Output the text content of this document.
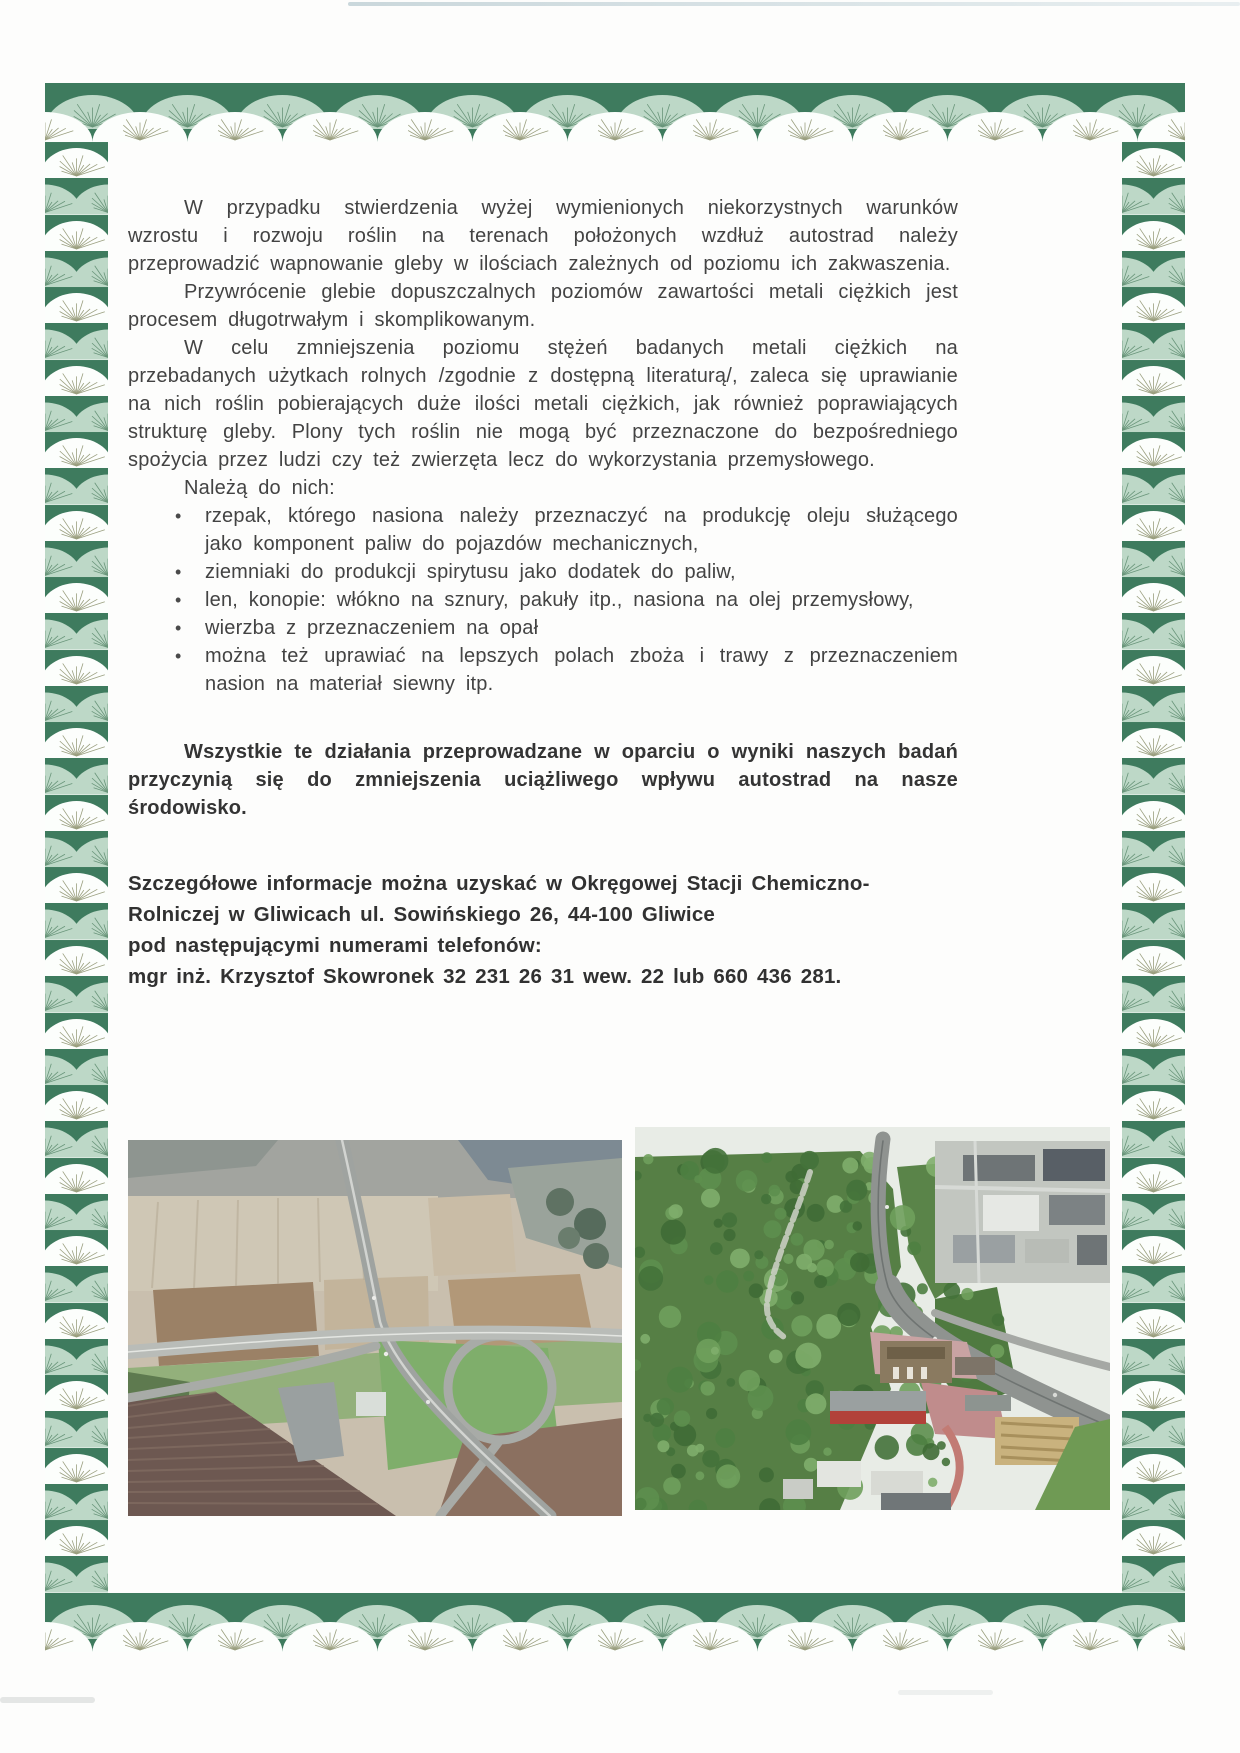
W przypadku stwierdzenia wyżej wymienionych niekorzystnych warunków wzrostu i rozwoju roślin na terenach położonych wzdłuż autostrad należy przeprowadzić wapnowanie gleby w ilościach zależnych od poziomu ich zakwaszenia.

Przywrócenie glebie dopuszczalnych poziomów zawartości metali ciężkich jest procesem długotrwałym i skomplikowanym.

W celu zmniejszenia poziomu stężeń badanych metali ciężkich na przebadanych użytkach rolnych /zgodnie z dostępną literaturą/, zaleca się uprawianie na nich roślin pobierających duże ilości metali ciężkich, jak również poprawiających strukturę gleby. Plony tych roślin nie mogą być przeznaczone do bezpośredniego spożycia przez ludzi czy też zwierzęta lecz do wykorzystania przemysłowego.

Należą do nich:

•	rzepak, którego nasiona należy przeznaczyć na produkcję oleju służącego jako komponent paliw do pojazdów mechanicznych,
•	ziemniaki do produkcji spirytusu jako dodatek do paliw,
•	len, konopie: włókno na sznury, pakuły itp., nasiona na olej przemysłowy,
•	wierzba z przeznaczeniem na opał
•	można też uprawiać na lepszych polach zboża i trawy z przeznaczeniem nasion na materiał siewny itp.

Wszystkie te działania przeprowadzane w oparciu o wyniki naszych badań przyczynią się do zmniejszenia uciążliwego wpływu autostrad na nasze środowisko.

Szczegółowe informacje można uzyskać w Okręgowej Stacji Chemiczno-
Rolniczej w Gliwicach ul. Sowińskiego 26, 44-100 Gliwice
pod następującymi numerami telefonów:
mgr inż. Krzysztof Skowronek 32 231 26 31 wew. 22 lub 660 436 281.
